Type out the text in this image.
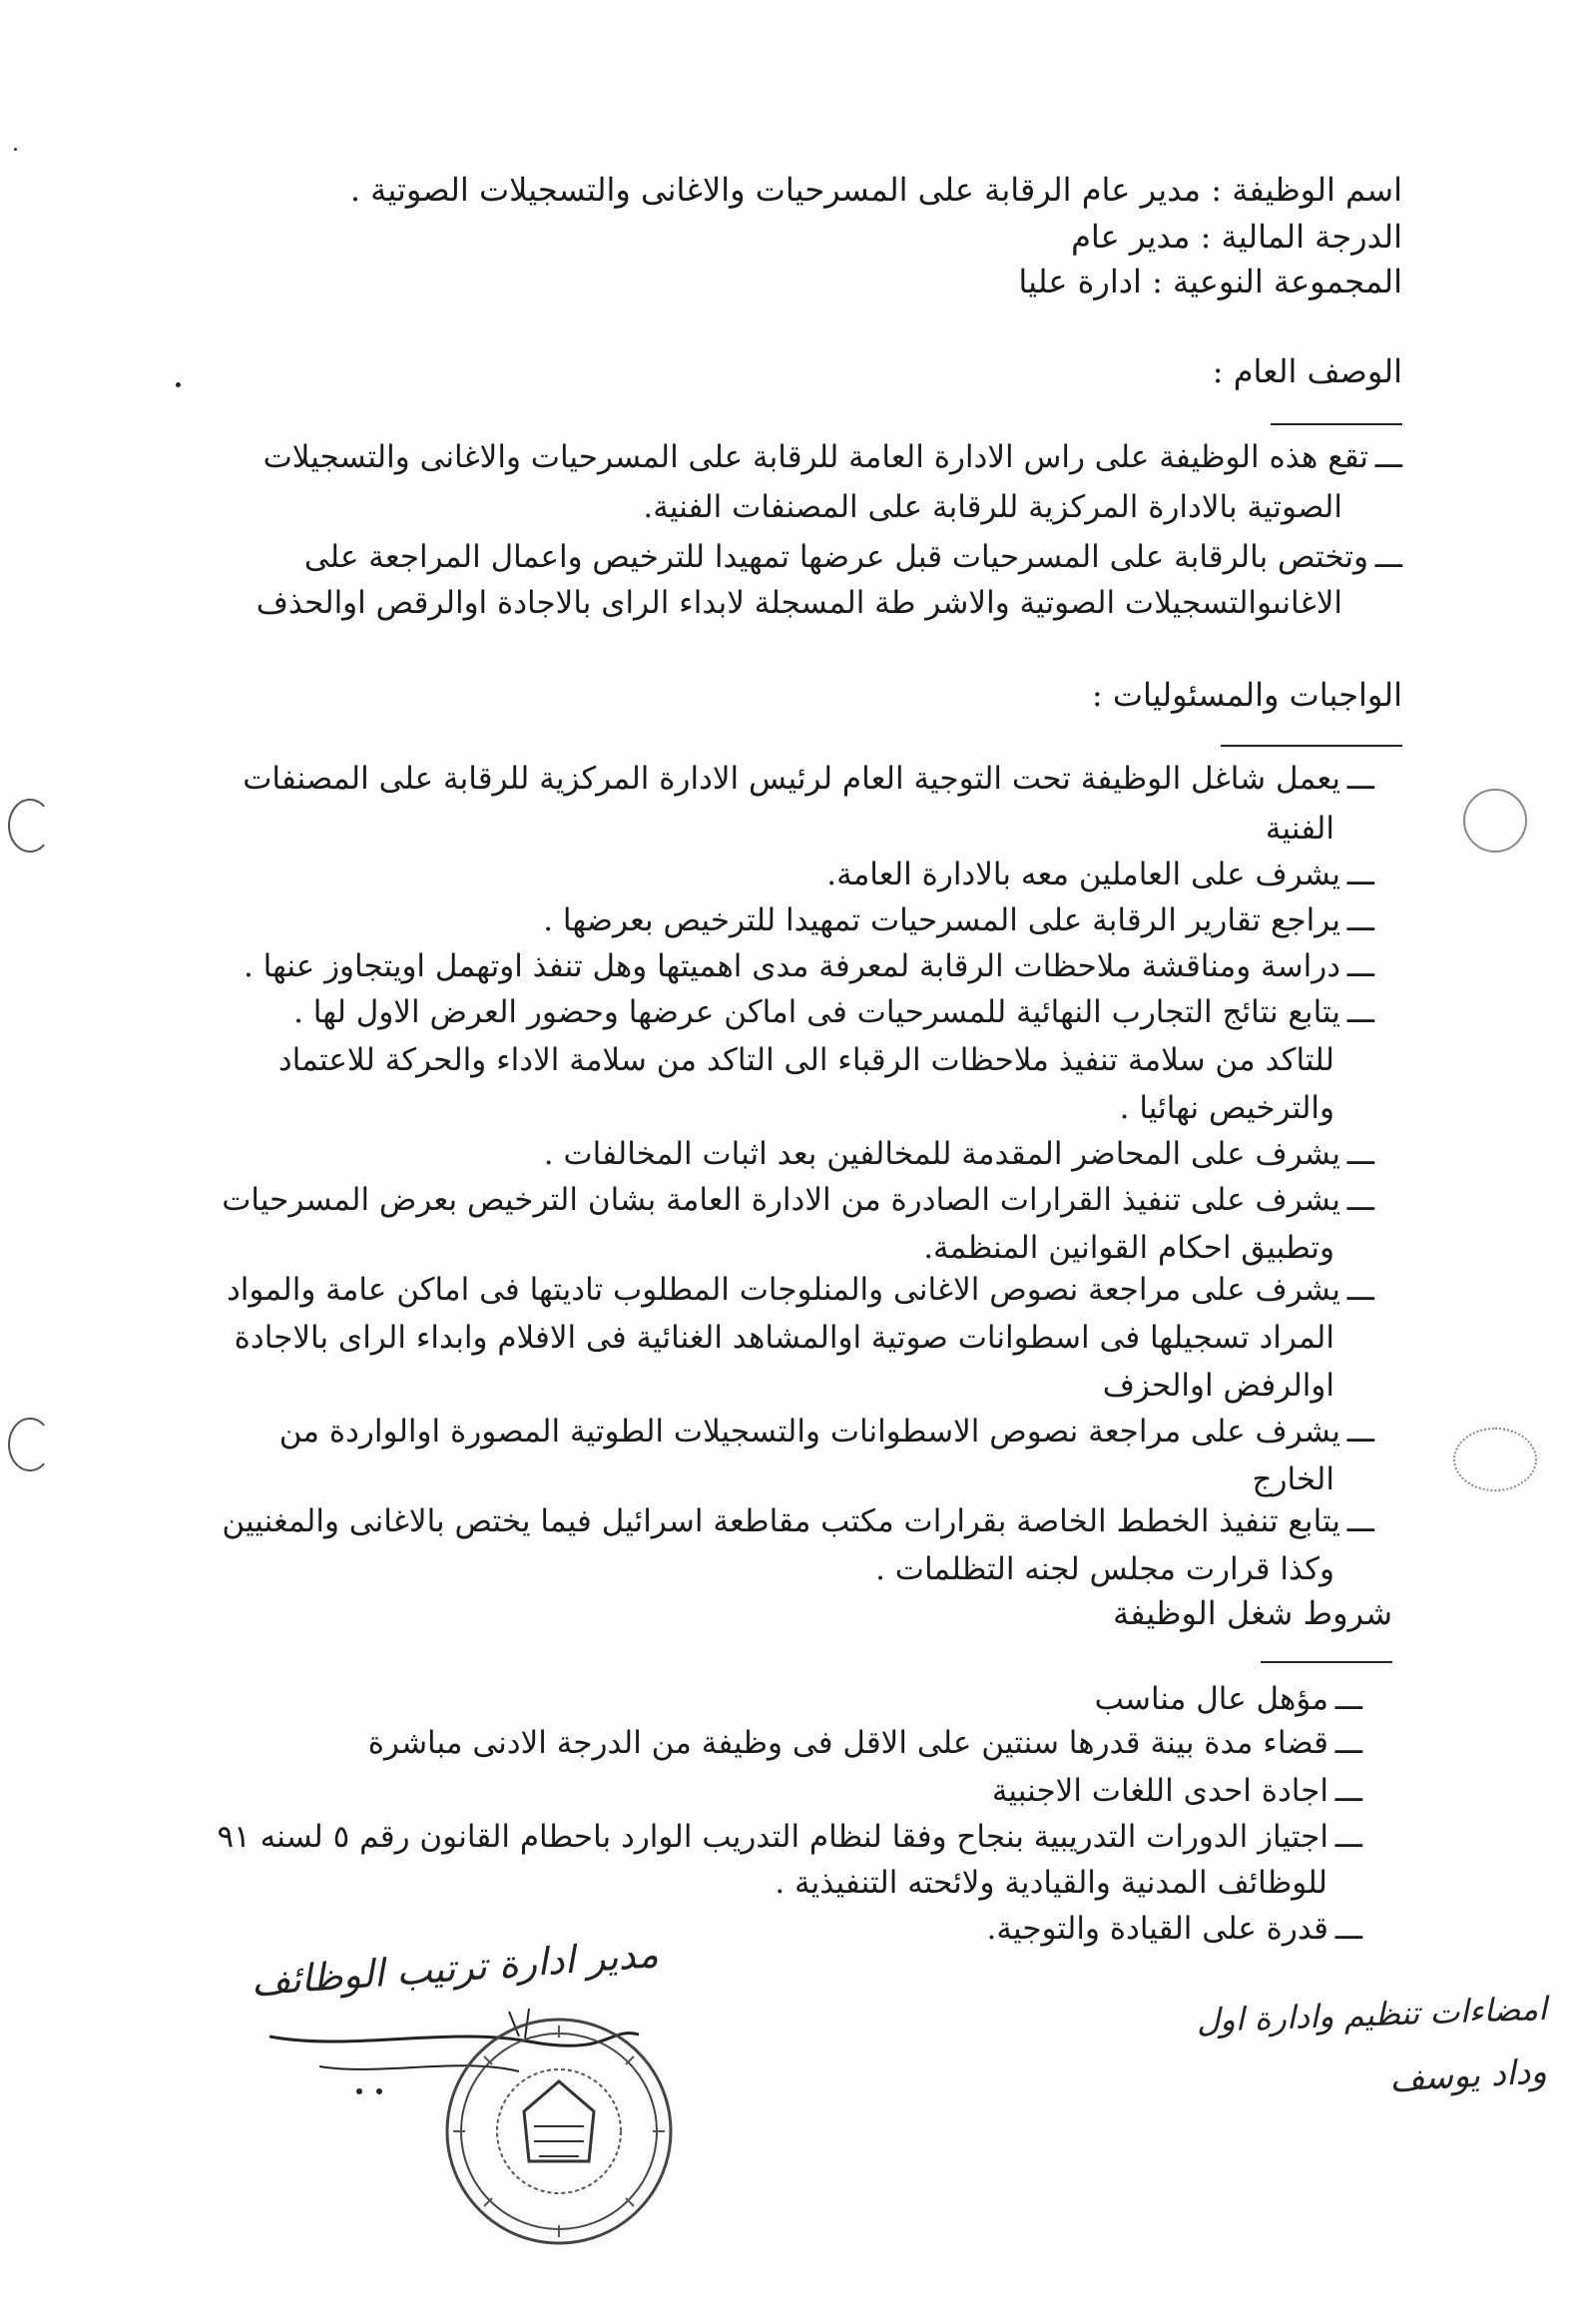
اسم الوظيفة : مدير عام الرقابة على المسرحيات والاغانى والتسجيلات الصوتية .
الدرجة المالية : مدير عام
المجموعة النوعية : ادارة عليا
الوصف العام :
ـــتقع هذه الوظيفة على راس الادارة العامة للرقابة على المسرحيات والاغانى والتسجيلات
الصوتية بالادارة المركزية للرقابة على المصنفات الفنية.
ـــوتختص بالرقابة على المسرحيات قبل عرضها تمهيدا للترخيص واعمال المراجعة على
الاغانىوالتسجيلات الصوتية والاشر طة المسجلة لابداء الراى بالاجادة اوالرقص اوالحذف
الواجبات والمسئوليات :
ـــيعمل شاغل الوظيفة تحت التوجية العام لرئيس الادارة المركزية للرقابة على المصنفات
الفنية
ـــيشرف على العاملين معه بالادارة العامة.
ـــيراجع تقارير الرقابة على المسرحيات تمهيدا للترخيص بعرضها .
ـــدراسة ومناقشة ملاحظات الرقابة لمعرفة مدى اهميتها وهل تنفذ اوتهمل اويتجاوز عنها .
ـــيتابع نتائج التجارب النهائية للمسرحيات فى اماكن عرضها وحضور العرض الاول لها .
للتاكد من سلامة تنفيذ ملاحظات الرقباء الى التاكد من سلامة الاداء والحركة للاعتماد
والترخيص نهائيا .
ـــيشرف على المحاضر المقدمة للمخالفين بعد اثبات المخالفات .
ـــيشرف على تنفيذ القرارات الصادرة من الادارة العامة بشان الترخيص بعرض المسرحيات
وتطبيق احكام القوانين المنظمة.
ـــيشرف على مراجعة نصوص الاغانى والمنلوجات المطلوب تاديتها فى اماكن عامة والمواد
المراد تسجيلها فى اسطوانات صوتية اوالمشاهد الغنائية فى الافلام وابداء الراى بالاجادة
اوالرفض اوالحزف
ـــيشرف على مراجعة نصوص الاسطوانات والتسجيلات الطوتية المصورة اوالواردة من
الخارج
ـــيتابع تنفيذ الخطط الخاصة بقرارات مكتب مقاطعة اسرائيل فيما يختص بالاغانى والمغنيين
وكذا قرارت مجلس لجنه التظلمات .
شروط شغل الوظيفة
ـــمؤهل عال مناسب
ـــقضاء مدة بينة قدرها سنتين على الاقل فى وظيفة من الدرجة الادنى مباشرة
ـــاجادة احدى اللغات الاجنبية
ـــاجتياز الدورات التدريبية بنجاح وفقا لنظام التدريب الوارد باحطام القانون رقم ٥ لسنه ٩١
للوظائف المدنية والقيادية ولائحته التنفيذية .
ـــقدرة على القيادة والتوجية.
مدير ادارة ترتيب الوظائف
امضاءات تنظيم وادارة اول
وداد يوسف
